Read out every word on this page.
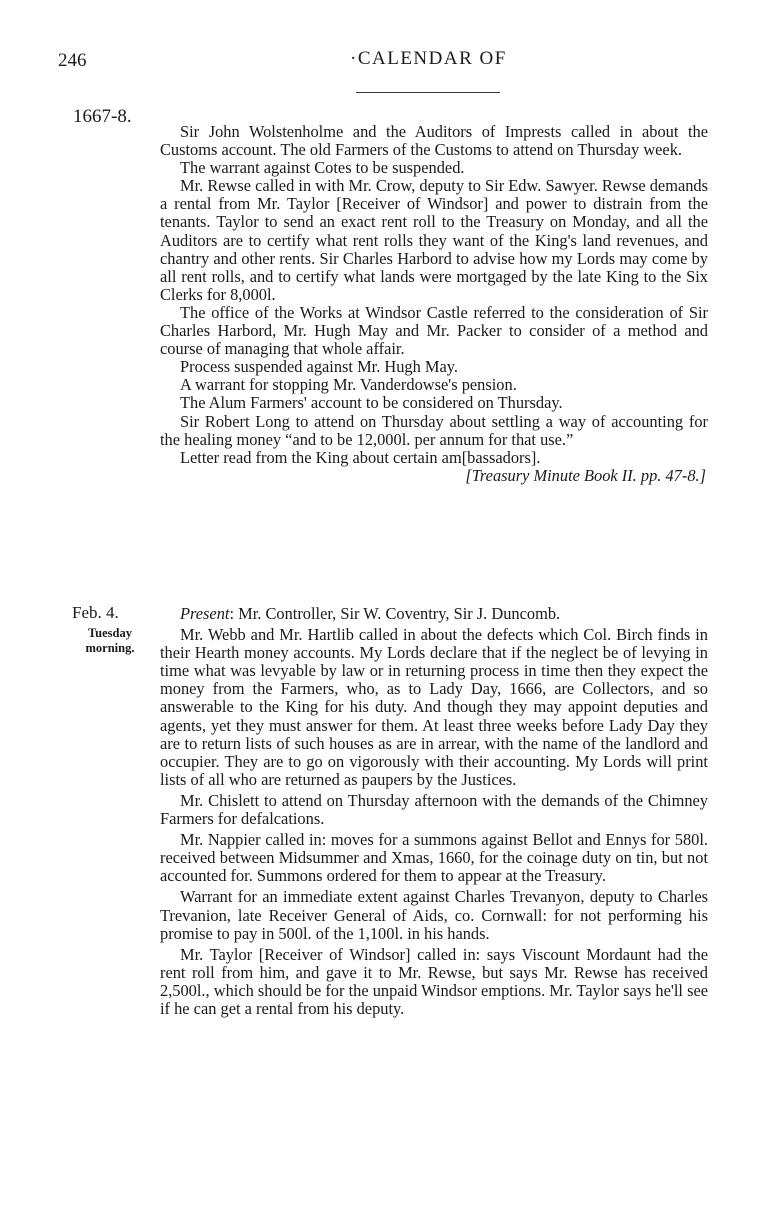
246	·CALENDAR OF
1667-8.

Sir John Wolstenholme and the Auditors of Imprests called in about the Customs account. The old Farmers of the Customs to attend on Thursday week.

The warrant against Cotes to be suspended.

Mr. Rewse called in with Mr. Crow, deputy to Sir Edw. Sawyer. Rewse demands a rental from Mr. Taylor [Receiver of Windsor] and power to distrain from the tenants. Taylor to send an exact rent roll to the Treasury on Monday, and all the Auditors are to certify what rent rolls they want of the King's land revenues, and chantry and other rents. Sir Charles Harbord to advise how my Lords may come by all rent rolls, and to certify what lands were mortgaged by the late King to the Six Clerks for 8,000l.

The office of the Works at Windsor Castle referred to the consideration of Sir Charles Harbord, Mr. Hugh May and Mr. Packer to consider of a method and course of managing that whole affair.

Process suspended against Mr. Hugh May.

A warrant for stopping Mr. Vanderdowse's pension.

The Alum Farmers' account to be considered on Thursday.

Sir Robert Long to attend on Thursday about settling a way of accounting for the healing money “and to be 12,000l. per annum for that use.”

Letter read from the King about certain am[bassadors].

[Treasury Minute Book II. pp. 47-8.]

Feb. 4.
Tuesday
morning.

Present: Mr. Controller, Sir W. Coventry, Sir J. Duncomb.

Mr. Webb and Mr. Hartlib called in about the defects which Col. Birch finds in their Hearth money accounts. My Lords declare that if the neglect be of levying in time what was levyable by law or in returning process in time then they expect the money from the Farmers, who, as to Lady Day, 1666, are Collectors, and so answerable to the King for his duty. And though they may appoint deputies and agents, yet they must answer for them. At least three weeks before Lady Day they are to return lists of such houses as are in arrear, with the name of the landlord and occupier. They are to go on vigorously with their accounting. My Lords will print lists of all who are returned as paupers by the Justices.

Mr. Chislett to attend on Thursday afternoon with the demands of the Chimney Farmers for defalcations.

Mr. Nappier called in: moves for a summons against Bellot and Ennys for 580l. received between Midsummer and Xmas, 1660, for the coinage duty on tin, but not accounted for. Summons ordered for them to appear at the Treasury.

Warrant for an immediate extent against Charles Trevanyon, deputy to Charles Trevanion, late Receiver General of Aids, co. Cornwall: for not performing his promise to pay in 500l. of the 1,100l. in his hands.

Mr. Taylor [Receiver of Windsor] called in: says Viscount Mordaunt had the rent roll from him, and gave it to Mr. Rewse, but says Mr. Rewse has received 2,500l., which should be for the unpaid Windsor emptions. Mr. Taylor says he'll see if he can get a rental from his deputy.
